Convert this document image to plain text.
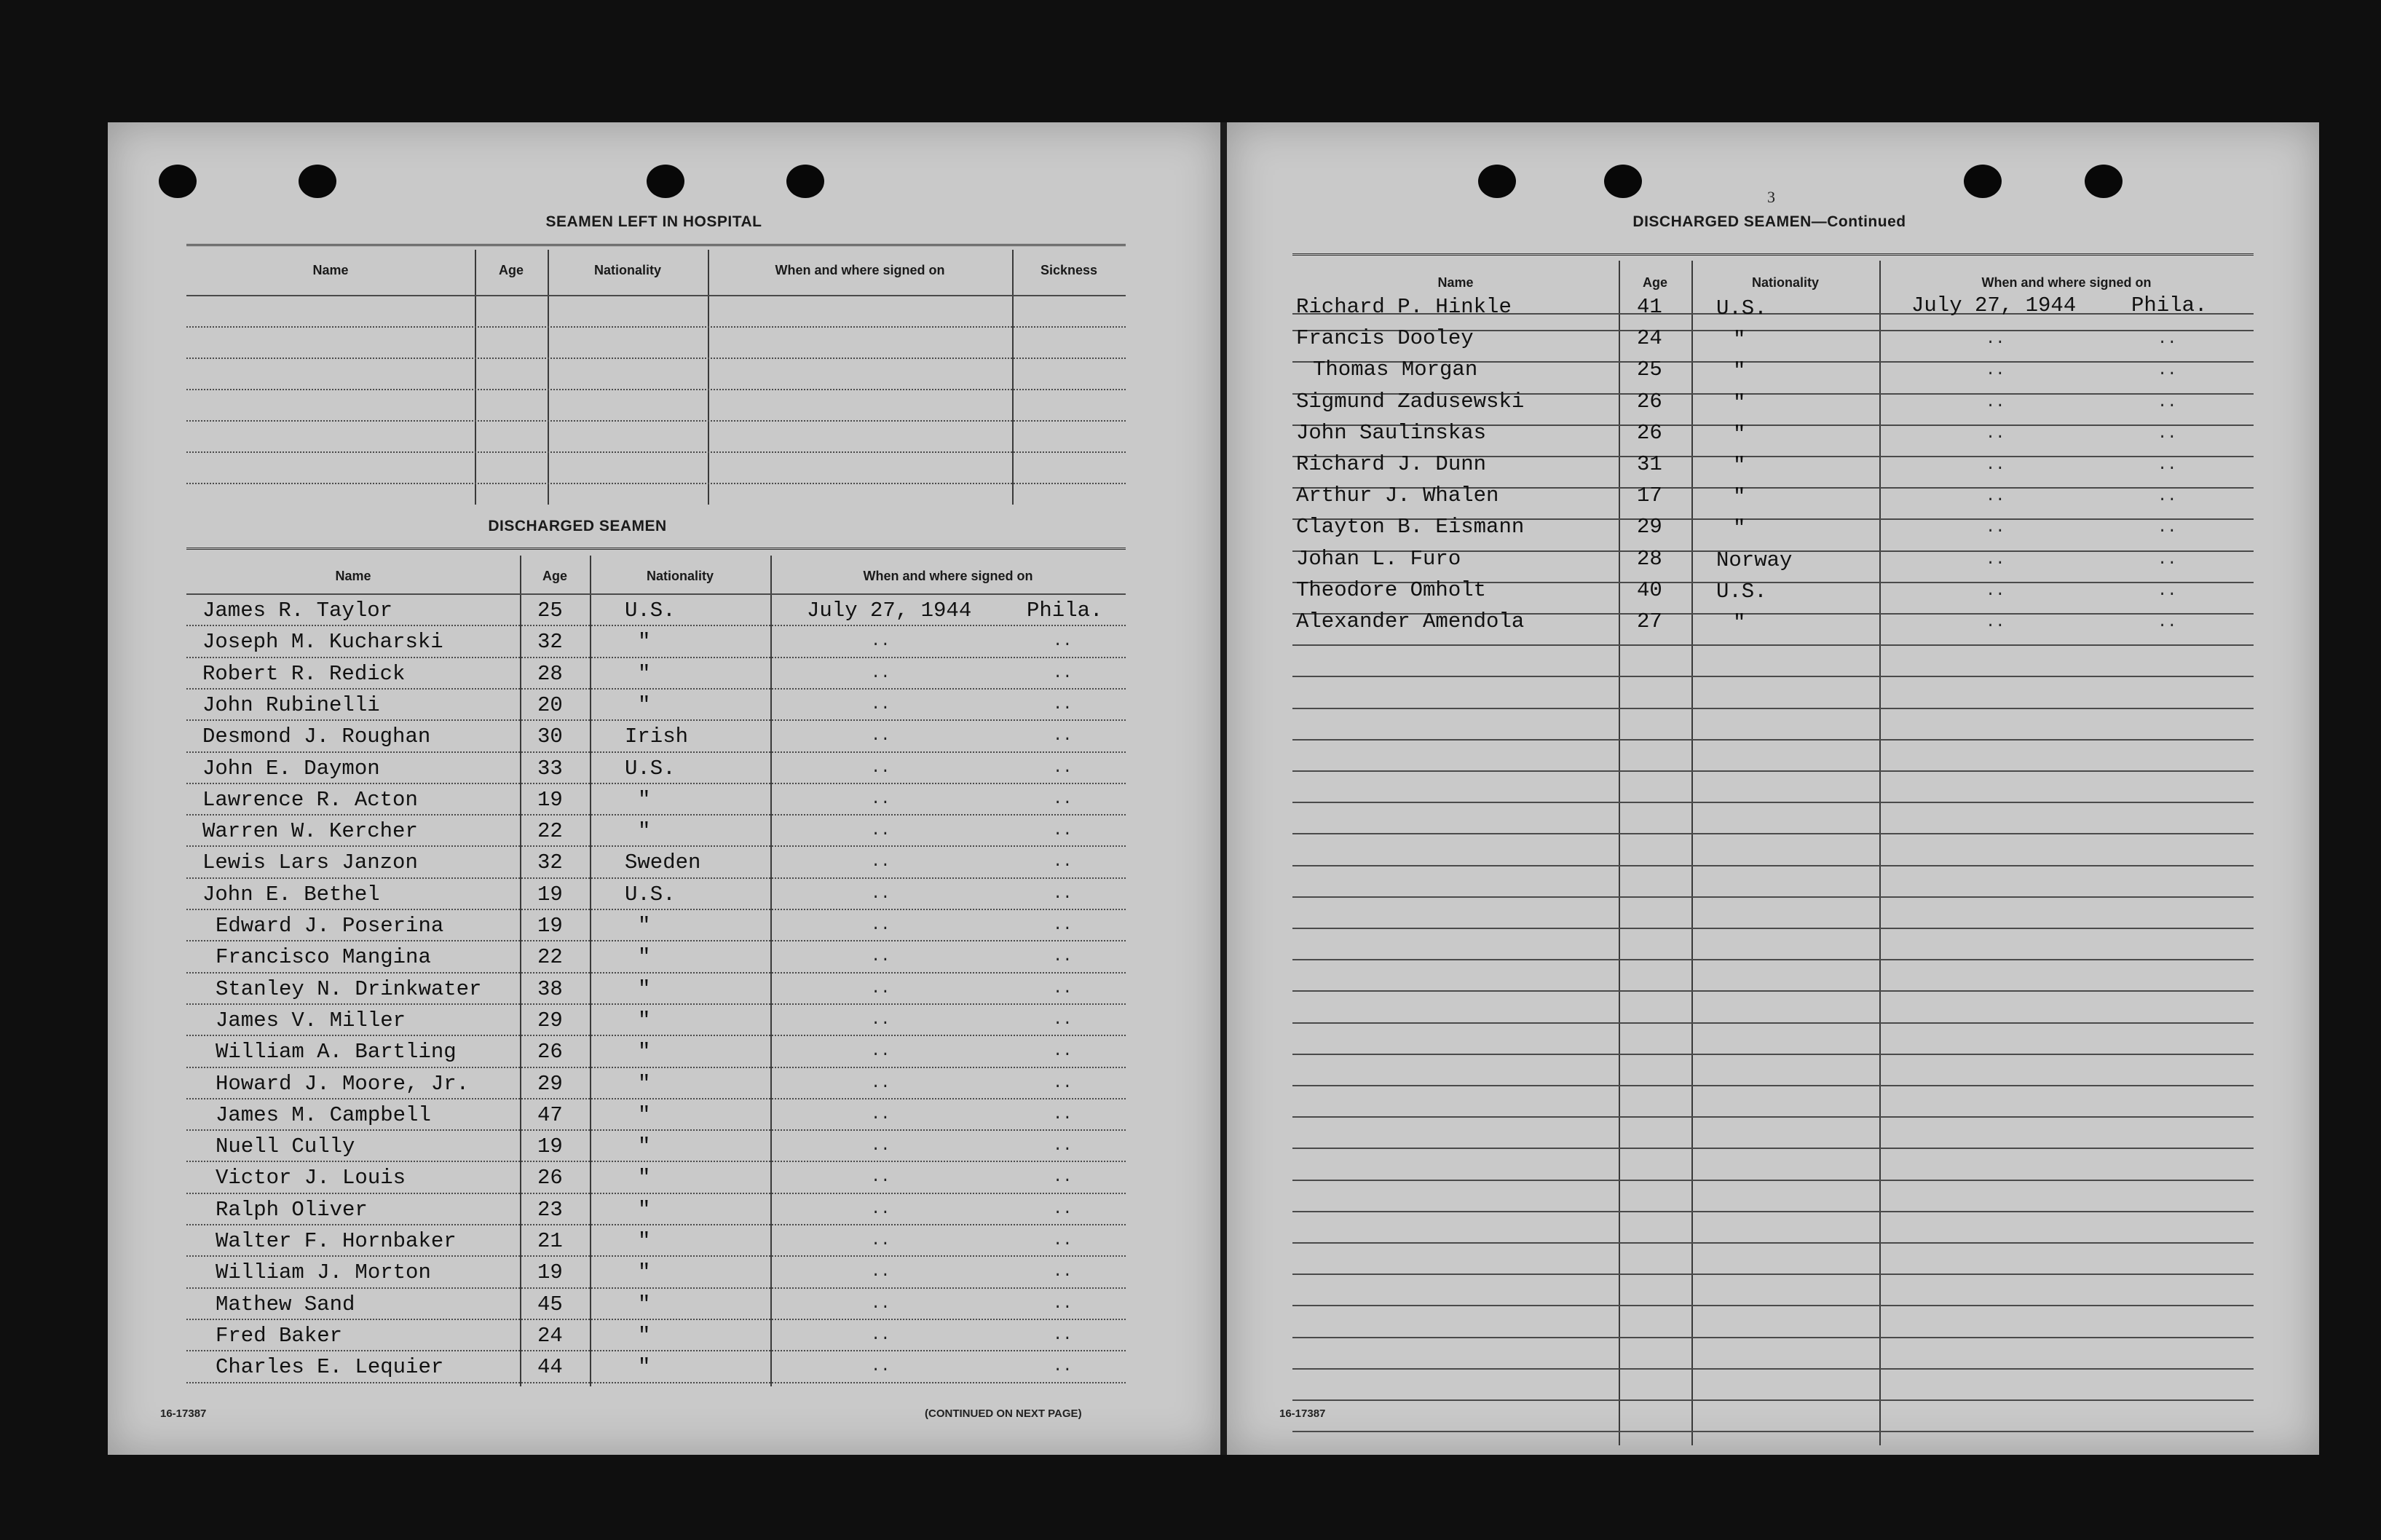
SEAMEN LEFT IN HOSPITAL
DISCHARGED SEAMEN
16-17387	(CONTINUED ON NEXT PAGE)
Name	Age	Nationality	When and where signed on	Sickness
Name	Age	Nationality	When and where signed on
James R. Taylor	25	U.S.	July 27, 1944	Phila.
Joseph M. Kucharski	32	"	..	..
Robert R. Redick	28	"	..	..
John Rubinelli	20	"	..	..
Desmond J. Roughan	30	Irish	..	..
John E. Daymon	33	U.S.	..	..
Lawrence R. Acton	19	"	..	..
Warren W. Kercher	22	"	..	..
Lewis Lars Janzon	32	Sweden	..	..
John E. Bethel	19	U.S.	..	..
Edward J. Poserina	19	"	..	..
Francisco Mangina	22	"	..	..
Stanley N. Drinkwater	38	"	..	..
James V. Miller	29	"	..	..
William A. Bartling	26	"	..	..
Howard J. Moore, Jr.	29	"	..	..
James M. Campbell	47	"	..	..
Nuell Cully	19	"	..	..
Victor J. Louis	26	"	..	..
Ralph Oliver	23	"	..	..
Walter F. Hornbaker	21	"	..	..
William J. Morton	19	"	..	..
Mathew Sand	45	"	..	..
Fred Baker	24	"	..	..
Charles E. Lequier	44	"	..	..
3
DISCHARGED SEAMEN—Continued
16-17387
Name	Age	Nationality	When and where signed on
Richard P. Hinkle	41	U.S.	July 27, 1944	Phila.
Francis Dooley	24	"	..	..
Thomas Morgan	25	"	..	..
Sigmund Zadusewski	26	"	..	..
John Saulinskas	26	"	..	..
Richard J. Dunn	31	"	..	..
Arthur J. Whalen	17	"	..	..
Clayton B. Eismann	29	"	..	..
Johan L. Furo	28	Norway	..	..
Theodore Omholt	40	U.S.	..	..
Alexander Amendola	27	"	..	..
